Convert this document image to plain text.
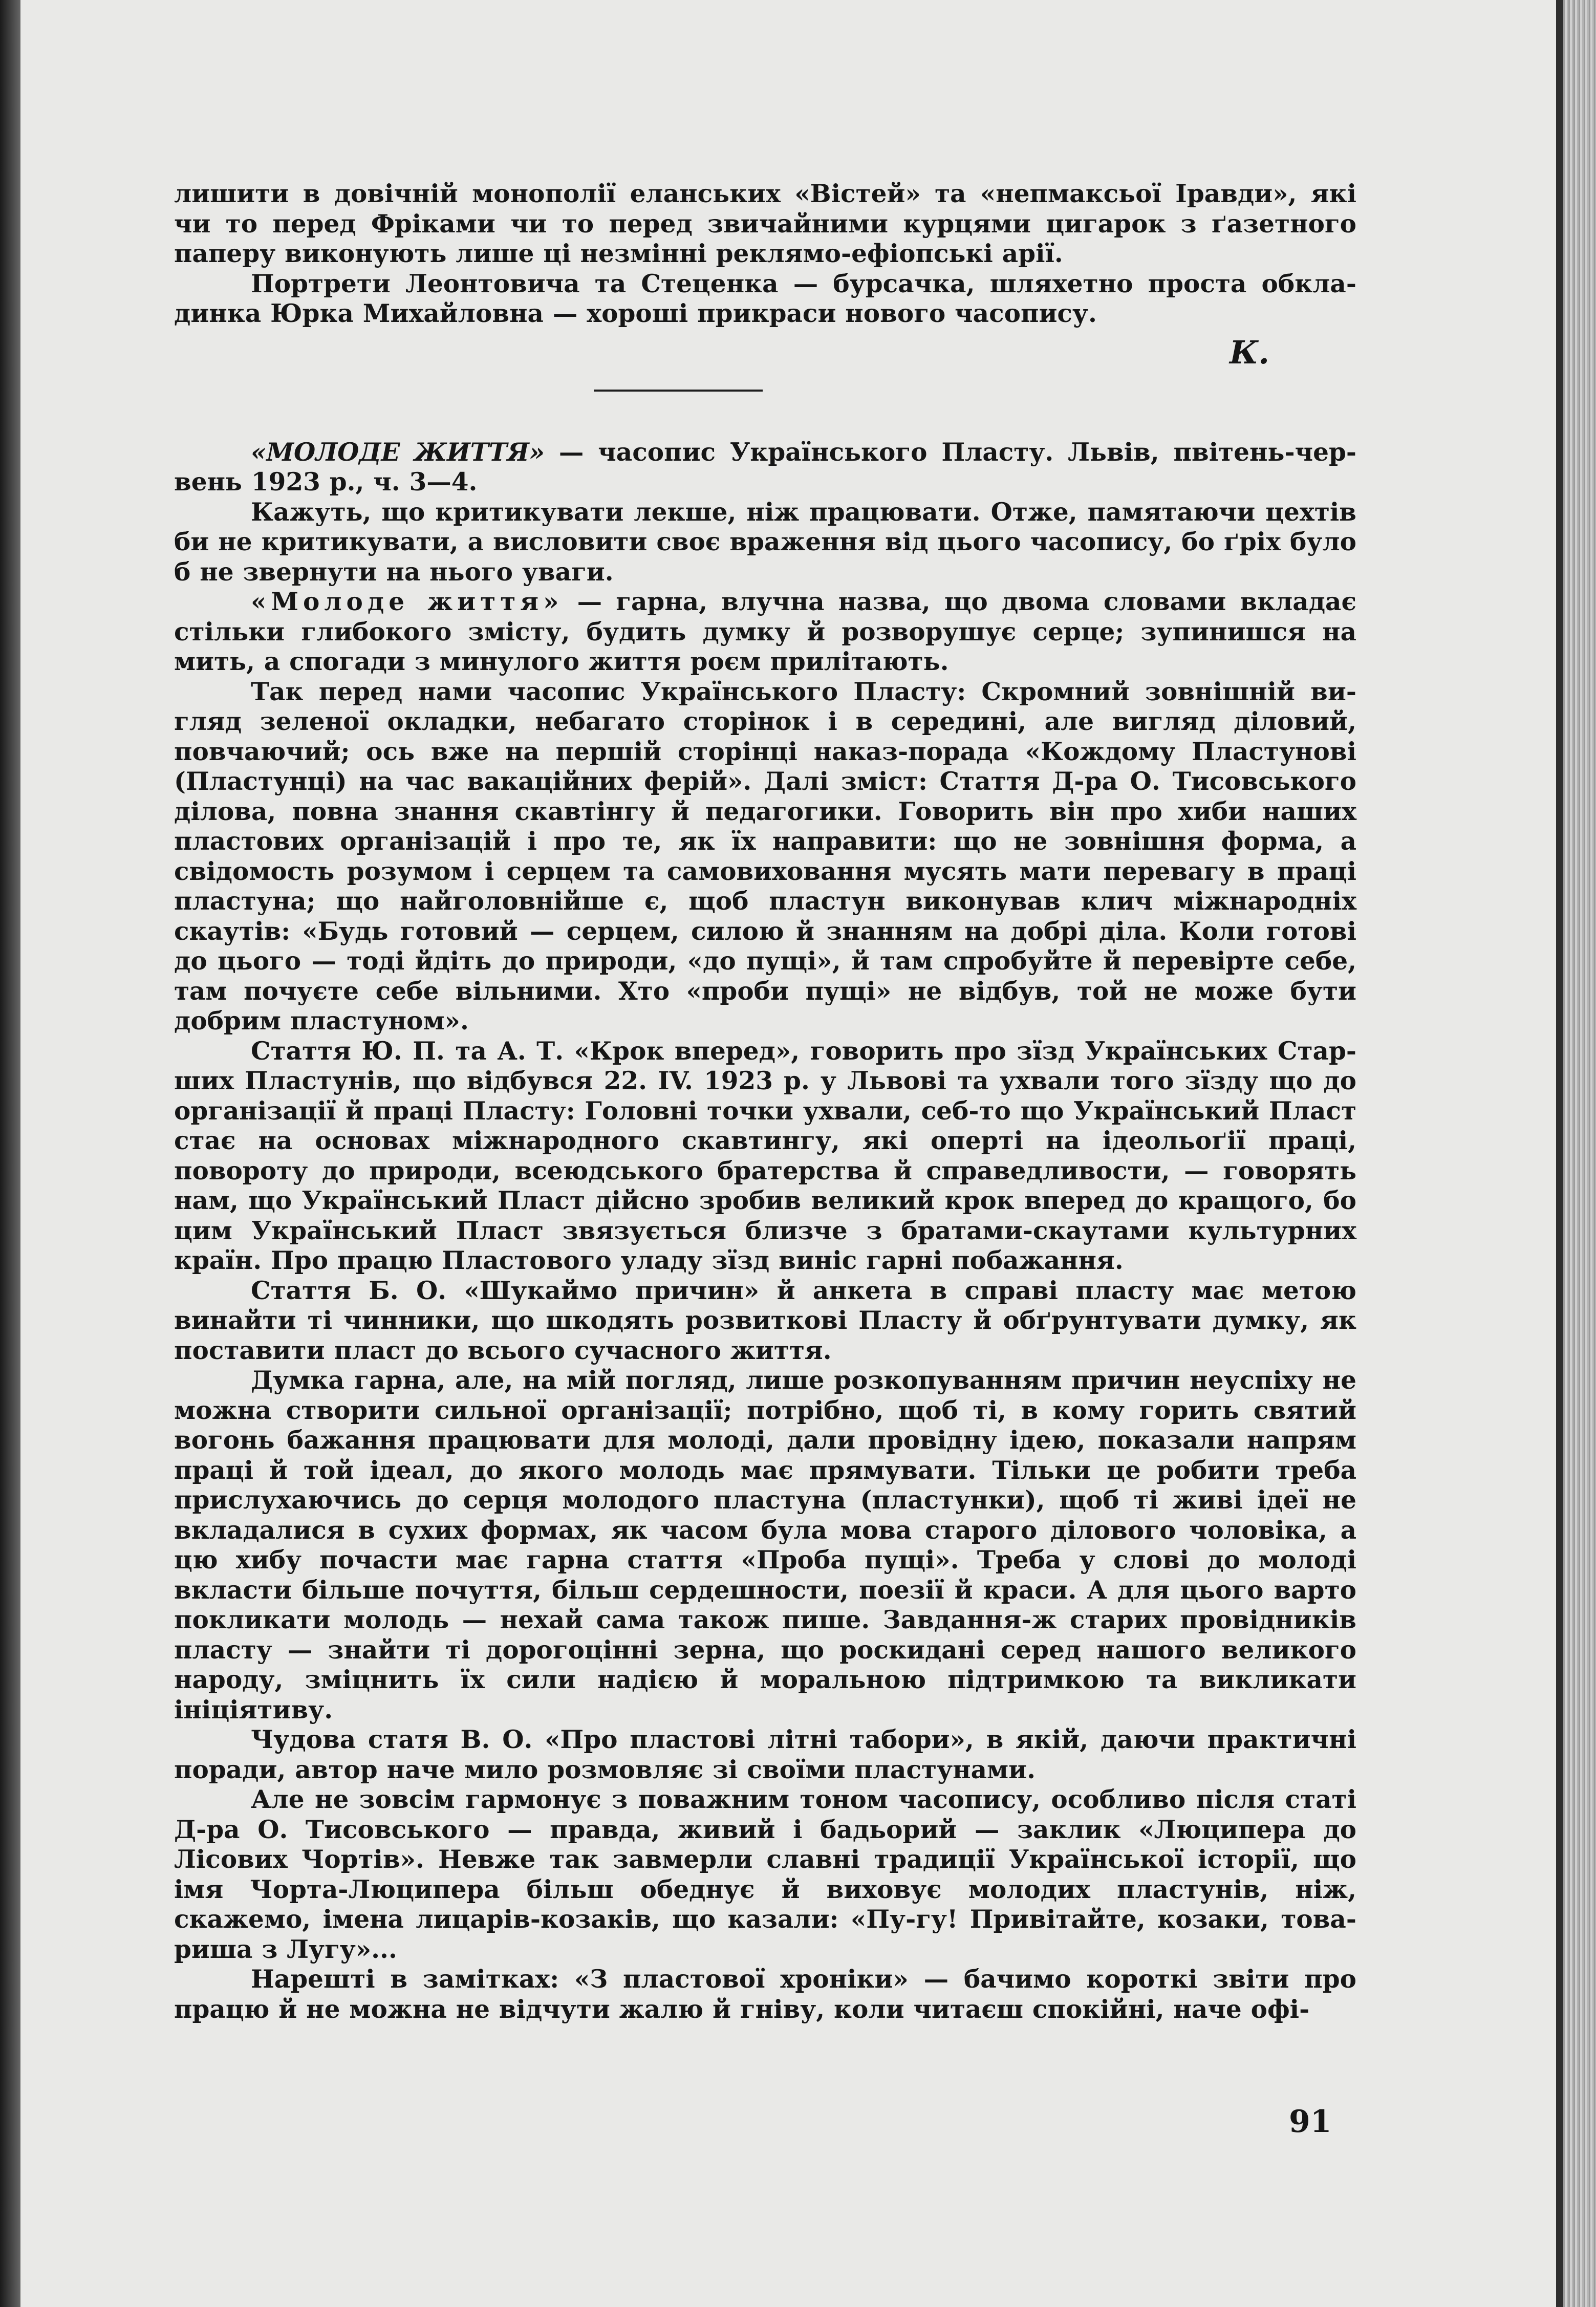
лишити в довічній монополії еланських «Вістей» та «непмаксьої Іравди», які чи то перед Фріками чи то перед звичайними курцями цигарок з ґазетного паперу виконують лише ці незмінні реклямо-ефіопські арії.

Портрети Леонтовича та Стеценка — бурсачка, шляхетно проста обкладинка Юрка Михайловна — хороші прикраси нового часопису.

К.

«МОЛОДЕ ЖИТТЯ» — часопис Українського Пласту. Львів, пвітень-червень 1923 р., ч. 3—4.

Кажуть, що критикувати лекше, ніж працювати. Отже, памятаючи цехтів би не критикувати, а висловити своє враження від цього часопису, бо ґріх було б не звернути на нього уваги.

«Молоде життя» — гарна, влучна назва, що двома словами вкладає стільки глибокого змісту, будить думку й розворушує серце; зупинишся на мить, а спогади з минулого життя роєм прилітають.

Так перед нами часопис Українського Пласту: Скромний зовнішній вигляд зеленої окладки, небагато сторінок і в середині, але вигляд діловий, повчаючий; ось вже на першій сторінці наказ-порада «Кождому Пластунові (Пластунці) на час вакаційних ферій». Далі зміст: Стаття Д-ра О. Тисовського ділова, повна знання скавтінгу й педагогики. Говорить він про хиби наших пластових організацій і про те, як їх направити: що не зовнішня форма, а свідомость розумом і серцем та самовиховання мусять мати перевагу в праці пластуна; що найголовнійше є, щоб пластун виконував клич міжнародніх скаутів: «Будь готовий — серцем, силою й знанням на добрі діла. Коли готові до цього — тоді йдіть до природи, «до пущі», й там спробуйте й перевірте себе, там почуєте себе вільними. Хто «проби пущі» не відбув, той не може бути добрим пластуном».

Стаття Ю. П. та А. Т. «Крок вперед», говорить про зїзд Українських Старших Пластунів, що відбувся 22. IV. 1923 р. у Львові та ухвали того зїзду що до організації й праці Пласту: Головні точки ухвали, себ-то що Український Пласт стає на основах міжнародного скавтингу, які оперті на ідеольоґії праці, повороту до природи, всеюдського братерства й справедливости, — говорять нам, що Український Пласт дійсно зробив великий крок вперед до кращого, бо цим Український Пласт звязується близче з братами-скаутами культурних країн. Про працю Пластового уладу зїзд виніс гарні побажання.

Стаття Б. О. «Шукаймо причин» й анкета в справі пласту має метою винайти ті чинники, що шкодять розвиткові Пласту й обґрунтувати думку, як поставити пласт до всього сучасного життя.

Думка гарна, але, на мій погляд, лише розкопуванням причин неуспіху не можна створити сильної організації; потрібно, щоб ті, в кому горить святий вогонь бажання працювати для молоді, дали провідну ідею, показали напрям праці й той ідеал, до якого молодь має прямувати. Тільки це робити треба прислухаючись до серця молодого пластуна (пластунки), щоб ті живі ідеї не вкладалися в сухих формах, як часом була мова старого ділового чоловіка, а цю хибу почасти має гарна стаття «Проба пущі». Треба у слові до молоді вкласти більше почуття, більш сердешности, поезії й краси. А для цього варто покликати молодь — нехай сама також пише. Завдання-ж старих провідників пласту — знайти ті дорогоцінні зерна, що роскидані серед нашого великого народу, зміцнить їх сили надією й моральною підтримкою та викликати ініціятиву.

Чудова статя В. О. «Про пластові літні табори», в якій, даючи практичні поради, автор наче мило розмовляє зі своїми пластунами.

Але не зовсім гармонує з поважним тоном часопису, особливо після статі Д-ра О. Тисовського — правда, живий і бадьорий — заклик «Люципера до Лісових Чортів». Невже так завмерли славні традиції Української історії, що імя Чорта-Люципера більш обеднує й виховує молодих пластунів, ніж, скажемо, імена лицарів-козаків, що казали: «Пу-гу! Привітайте, козаки, товариша з Лугу»...

Нарешті в замітках: «З пластової хроніки» — бачимо короткі звіти про працю й не можна не відчути жалю й гніву, коли читаєш спокійні, наче офі-

91
